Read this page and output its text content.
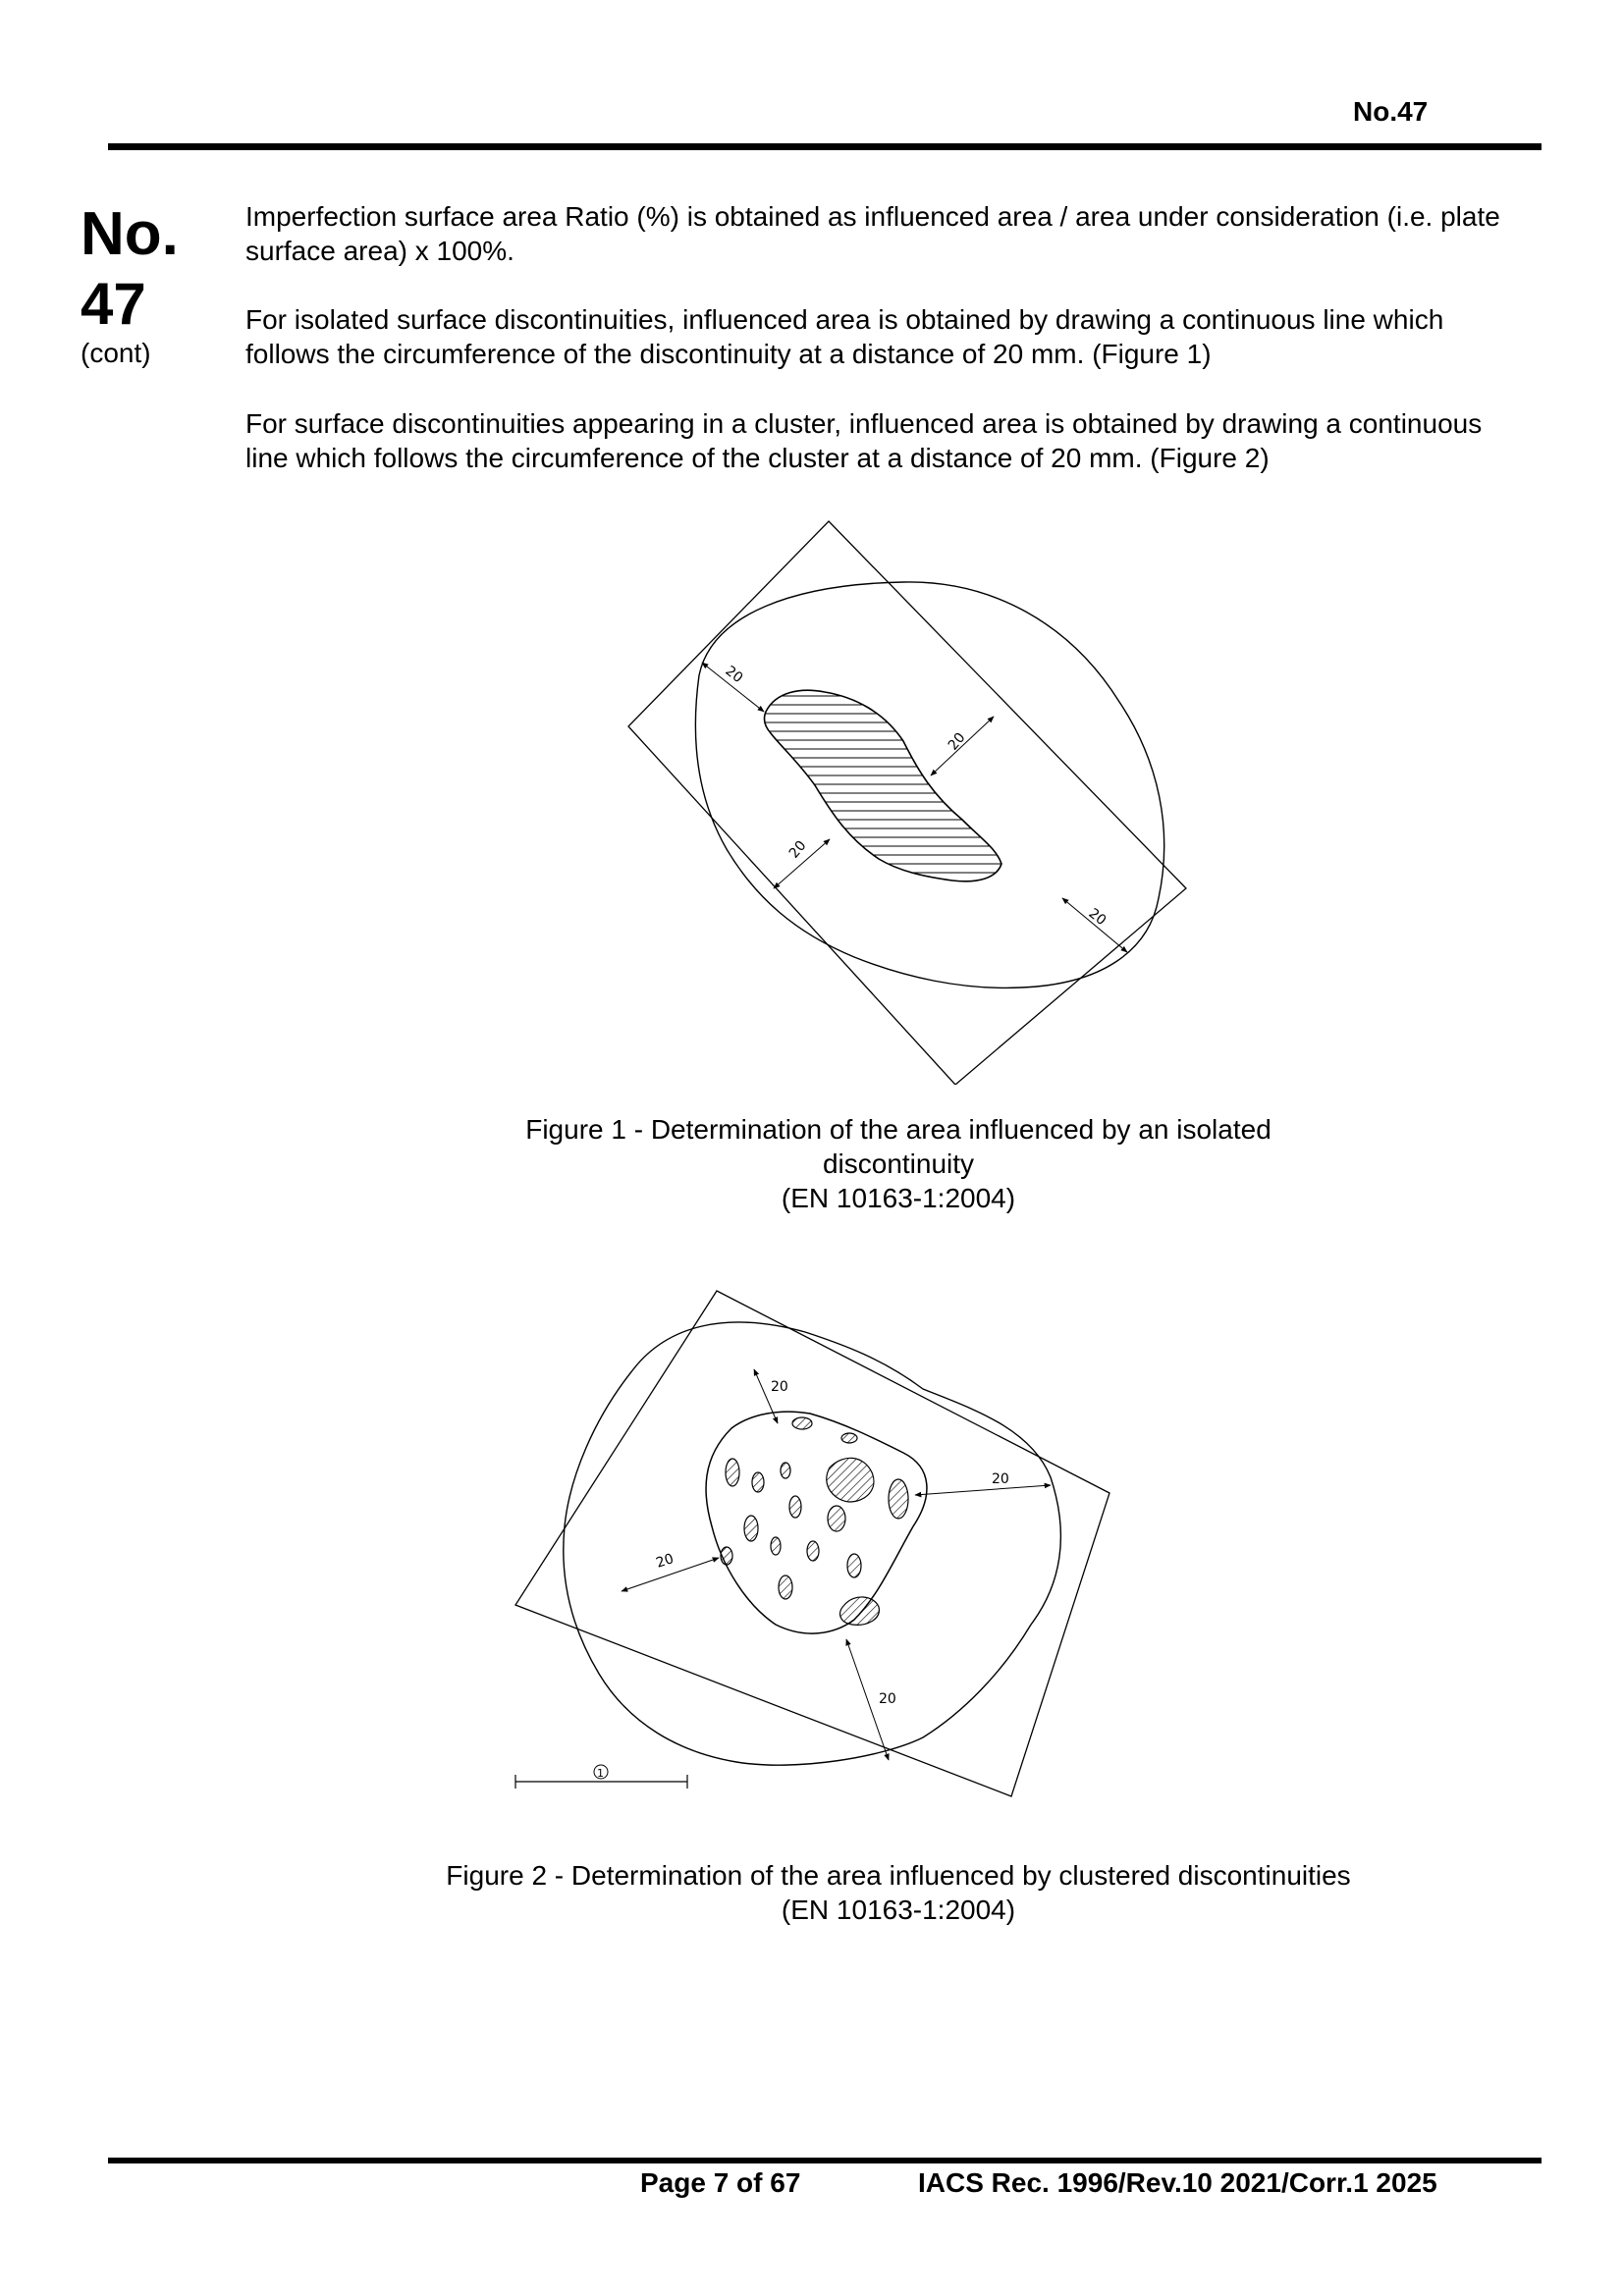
No.47
No.
47
(cont)

Imperfection surface area Ratio (%) is obtained as influenced area / area under consideration (i.e. plate surface area) x 100%.

For isolated surface discontinuities, influenced area is obtained by drawing a continuous line which follows the circumference of the discontinuity at a distance of 20 mm. (Figure 1)

For surface discontinuities appearing in a cluster, influenced area is obtained by drawing a continuous line which follows the circumference of the cluster at a distance of 20 mm. (Figure 2)

20
20
20
20
Figure 1 - Determination of the area influenced by an isolated
discontinuity
(EN 10163-1:2004)
20
20
20
20
1
Figure 2 - Determination of the area influenced by clustered discontinuities
(EN 10163-1:2004)
Page 7 of 67	IACS Rec. 1996/Rev.10 2021/Corr.1 2025
